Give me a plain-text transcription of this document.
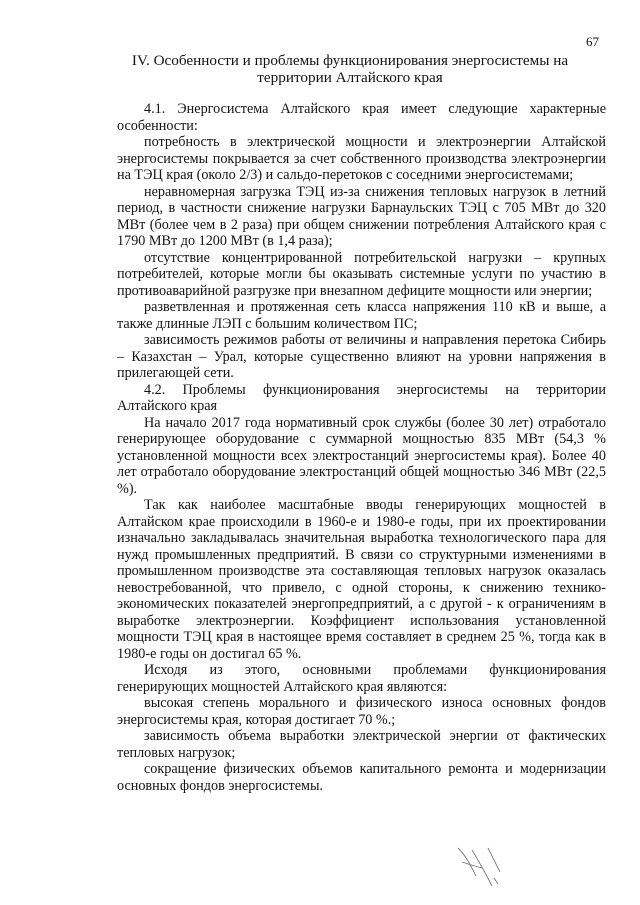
67
IV. Особенности и проблемы функционирования энергосистемы на территории Алтайского края

4.1. Энергосистема Алтайского края имеет следующие характерные особенности:

потребность в электрической мощности и электроэнергии Алтайской энергосистемы покрывается за счет собственного производства электроэнергии на ТЭЦ края (около 2/3) и сальдо-перетоков с соседними энергосистемами;

неравномерная загрузка ТЭЦ из-за снижения тепловых нагрузок в летний период, в частности снижение нагрузки Барнаульских ТЭЦ с 705 МВт до 320 МВт (более чем в 2 раза) при общем снижении потребления Алтайского края с 1790 МВт до 1200 МВт (в 1,4 раза);

отсутствие концентрированной потребительской нагрузки – крупных потребителей, которые могли бы оказывать системные услуги по участию в противоаварийной разгрузке при внезапном дефиците мощности или энергии;

разветвленная и протяженная сеть класса напряжения 110 кВ и выше, а также длинные ЛЭП с большим количеством ПС;

зависимость режимов работы от величины и направления перетока Сибирь – Казахстан – Урал, которые существенно влияют на уровни напряжения в прилегающей сети.

4.2. Проблемы функционирования энергосистемы на территории Алтайского края

На начало 2017 года нормативный срок службы (более 30 лет) отработало генерирующее оборудование с суммарной мощностью 835 МВт (54,3 % установленной мощности всех электростанций энергосистемы края). Более 40 лет отработало оборудование электростанций общей мощностью 346 МВт (22,5 %).

Так как наиболее масштабные вводы генерирующих мощностей в Алтайском крае происходили в 1960-е и 1980-е годы, при их проектировании изначально закладывалась значительная выработка технологического пара для нужд промышленных предприятий. В связи со структурными изменениями в промышленном производстве эта составляющая тепловых нагрузок оказалась невостребованной, что привело, с одной стороны, к снижению технико-экономических показателей энергопредприятий, а с другой - к ограничениям в выработке электроэнергии. Коэффициент использования установленной мощности ТЭЦ края в настоящее время составляет в среднем 25 %, тогда как в 1980-е годы он достигал 65 %.

Исходя из этого, основными проблемами функционирования генерирующих мощностей Алтайского края являются:

высокая степень морального и физического износа основных фондов энергосистемы края, которая достигает 70 %.;

зависимость объема выработки электрической энергии от фактических тепловых нагрузок;

сокращение физических объемов капитального ремонта и модернизации основных фондов энергосистемы.
